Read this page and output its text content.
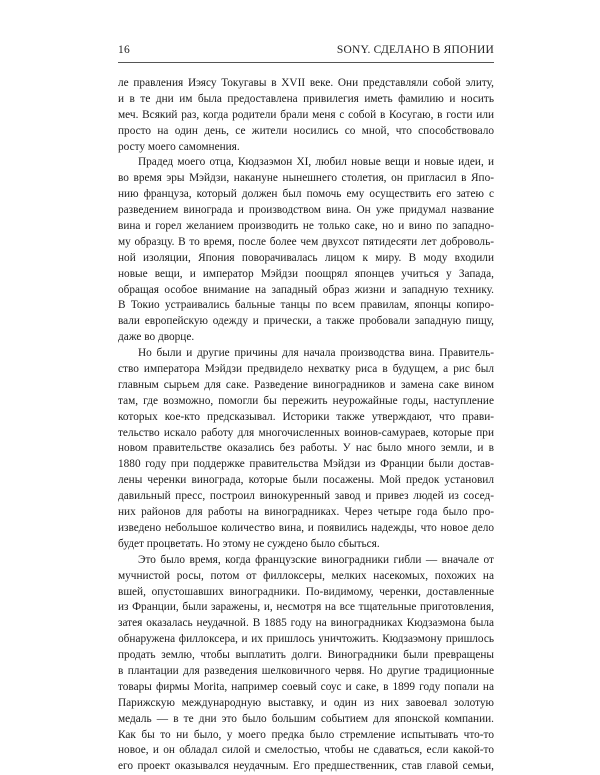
16	SONY. СДЕЛАНО В ЯПОНИИ
ле правления Иэясу Токугавы в XVII веке. Они представляли собой элиту,
и в те дни им была предоставлена привилегия иметь фамилию и носить
меч. Всякий раз, когда родители брали меня с собой в Косугаю, в гости или
просто на один день, се жители носились со мной, что способствовало
росту моего самомнения.
Прадед моего отца, Кюдзаэмон XI, любил новые вещи и новые идеи, и
во время эры Мэйдзи, накануне нынешнего столетия, он пригласил в Япо-
нию француза, который должен был помочь ему осуществить его затею с
разведением винограда и производством вина. Он уже придумал название
вина и горел желанием производить не только саке, но и вино по западно-
му образцу. В то время, после более чем двухсот пятидесяти лет доброволь-
ной изоляции, Япония поворачивалась лицом к миру. В моду входили
новые вещи, и император Мэйдзи поощрял японцев учиться у Запада,
обращая особое внимание на западный образ жизни и западную технику.
В Токио устраивались бальные танцы по всем правилам, японцы копиро-
вали европейскую одежду и прически, а также пробовали западную пищу,
даже во дворце.
Но были и другие причины для начала производства вина. Правитель-
ство императора Мэйдзи предвидело нехватку риса в будущем, а рис был
главным сырьем для саке. Разведение виноградников и замена саке вином
там, где возможно, помогли бы пережить неурожайные годы, наступление
которых кое-кто предсказывал. Историки также утверждают, что прави-
тельство искало работу для многочисленных воинов-самураев, которые при
новом правительстве оказались без работы. У нас было много земли, и в
1880 году при поддержке правительства Мэйдзи из Франции были достав-
лены черенки винограда, которые были посажены. Мой предок установил
давильный пресс, построил винокуренный завод и привез людей из сосед-
них районов для работы на виноградниках. Через четыре года было про-
изведено небольшое количество вина, и появились надежды, что новое дело
будет процветать. Но этому не суждено было сбыться.
Это было время, когда французские виноградники гибли — вначале от
мучнистой росы, потом от филлоксеры, мелких насекомых, похожих на
вшей, опустошавших виноградники. По-видимому, черенки, доставленные
из Франции, были заражены, и, несмотря на все тщательные приготовления,
затея оказалась неудачной. В 1885 году на виноградниках Кюдзаэмона была
обнаружена филлоксера, и их пришлось уничтожить. Кюдзаэмону пришлось
продать землю, чтобы выплатить долги. Виноградники были превращены
в плантации для разведения шелковичного червя. Но другие традиционные
товары фирмы Morita, например соевый соус и саке, в 1899 году попали на
Парижскую международную выставку, и один из них завоевал золотую
медаль — в те дни это было большим событием для японской компании.
Как бы то ни было, у моего предка было стремление испытывать что-то
новое, и он обладал силой и смелостью, чтобы не сдаваться, если какой-то
его проект оказывался неудачным. Его предшественник, став главой семьи,
